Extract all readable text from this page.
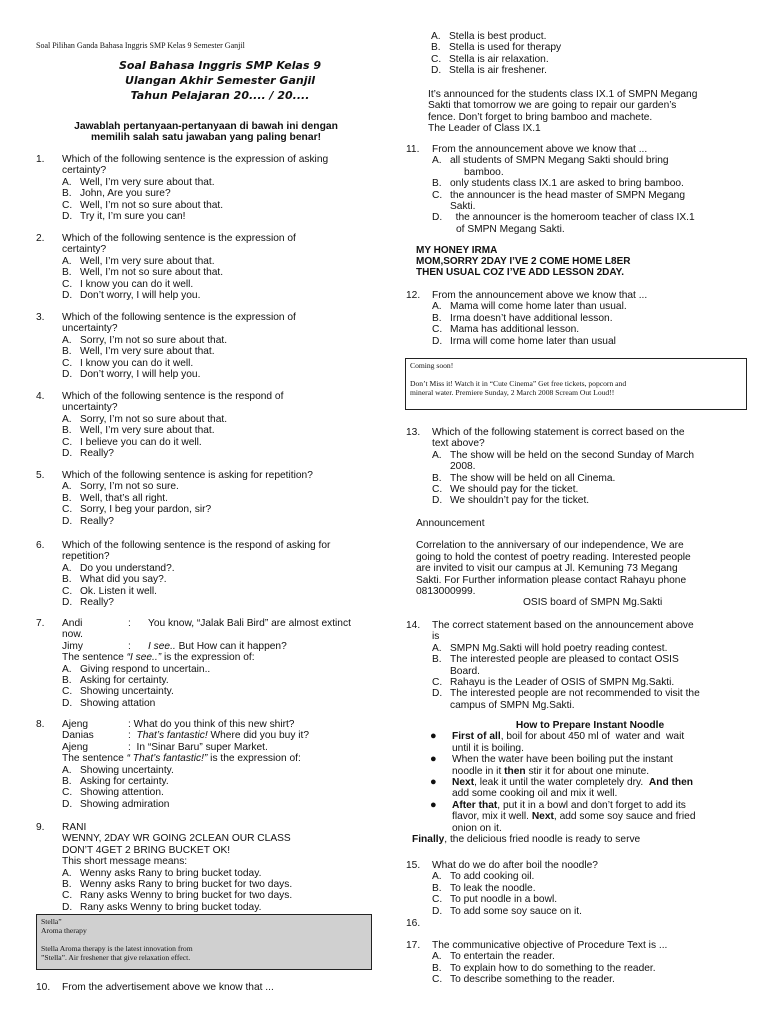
Soal Pilihan Ganda Bahasa Inggris SMP Kelas 9 Semester Ganjil
Soal Bahasa Inggris SMP Kelas 9
Ulangan Akhir Semester Ganjil
Tahun Pelajaran 20.... / 20....
Jawablah pertanyaan-pertanyaan di bawah ini dengan
memilih salah satu jawaban yang paling benar!
1. Which of the following sentence is the expression of asking
certainty?
A. Well, I’m very sure about that.
B. John, Are you sure?
C. Well, I’m not so sure about that.
D. Try it, I’m sure you can!
2. Which of the following sentence is the expression of
certainty?
A. Well, I’m very sure about that.
B. Well, I’m not so sure about that.
C. I know you can do it well.
D. Don’t worry, I will help you.
3. Which of the following sentence is the expression of
uncertainty?
A. Sorry, I’m not so sure about that.
B. Well, I’m very sure about that.
C. I know you can do it well.
D. Don’t worry, I will help you.
4. Which of the following sentence is the respond of
uncertainty?
A. Sorry, I’m not so sure about that.
B. Well, I’m very sure about that.
C. I believe you can do it well.
D. Really?
5. Which of the following sentence is asking for repetition?
A. Sorry, I’m not so sure.
B. Well, that’s all right.
C. Sorry, I beg your pardon, sir?
D. Really?
6. Which of the following sentence is the respond of asking for
repetition?
A. Do you understand?.
B. What did you say?.
C. Ok. Listen it well.
D. Really?
7. Andi	:	You know, “Jalak Bali Bird” are almost extinct
now.
Jimy	:	I see.. But How can it happen?
The sentence “I see..” is the expression of:
A. Giving respond to uncertain..
B. Asking for certainty.
C. Showing uncertainty.
D. Showing attation
8. Ajeng	: What do you think of this new shirt?
Danias	: That’s fantastic! Where did you buy it?
Ajeng	:  In “Sinar Baru” super Market.
The sentence “ That’s fantastic!” is the expression of:
A. Showing uncertainty.
B. Asking for certainty.
C. Showing attention.
D. Showing admiration
9. RANI
WENNY, 2DAY WR GOING 2CLEAN OUR CLASS
DON’T 4GET 2 BRING BUCKET OK!
This short message means:
A. Wenny asks Rany to bring bucket today.
B. Wenny asks Rany to bring bucket for two days.
C. Rany asks Wenny to bring bucket for two days.
D. Rany asks Wenny to bring bucket today.
Stella”
Aroma therapy
Stella Aroma therapy is the latest innovation from
”Stella”. Air freshener that give relaxation effect.
10. From the advertisement above we know that ...
A. Stella is best product.
B. Stella is used for therapy
C. Stella is air relaxation.
D. Stella is air freshener.
It’s announced for the students class IX.1 of SMPN Megang
Sakti that tomorrow we are going to repair our garden’s
fence. Don’t forget to bring bamboo and machete.
The Leader of Class IX.1
11. From the announcement above we know that ...
A. all students of SMPN Megang Sakti should bring
bamboo.
B. only students class IX.1 are asked to bring bamboo.
C. the announcer is the head master of SMPN Megang
Sakti.
D. the announcer is the homeroom teacher of class IX.1
of SMPN Megang Sakti.
MY HONEY IRMA
MOM,SORRY 2DAY I’VE 2 COME HOME L8ER
THEN USUAL COZ I’VE ADD LESSON 2DAY.
12. From the announcement above we know that ...
A. Mama will come home later than usual.
B. Irma doesn’t have additional lesson.
C. Mama has additional lesson.
D. Irma will come home later than usual
Coming soon!
Don’t Miss it! Watch it in “Cute Cinema” Get free tickets, popcorn and
mineral water. Premiere Sunday, 2 March 2008 Scream Out Loud!!
13. Which of the following statement is correct based on the
text above?
A. The show will be held on the second Sunday of March
2008.
B. The show will be held on all Cinema.
C. We should pay for the ticket.
D. We shouldn’t pay for the ticket.
Announcement
Correlation to the anniversary of our independence, We are
going to hold the contest of poetry reading. Interested people
are invited to visit our campus at Jl. Kemuning 73 Megang
Sakti. For Further information please contact Rahayu phone
0813000999.
OSIS board of SMPN Mg.Sakti
14. The correct statement based on the announcement above
is
A. SMPN Mg.Sakti will hold poetry reading contest.
B. The interested people are pleased to contact OSIS
Board.
C. Rahayu is the Leader of OSIS of SMPN Mg.Sakti.
D. The interested people are not recommended to visit the
campus of SMPN Mg.Sakti.
How to Prepare Instant Noodle
●	First of all, boil for about 450 ml of  water and  wait
until it is boiling.
●	When the water have been boiling put the instant
noodle in it then stir it for about one minute.
●	Next, leak it until the water completely dry.  And then
add some cooking oil and mix it well.
●	After that, put it in a bowl and don’t forget to add its
flavor, mix it well. Next, add some soy sauce and fried
onion on it.
Finally, the delicious fried noodle is ready to serve
15. What do we do after boil the noodle?
A. To add cooking oil.
B. To leak the noodle.
C. To put noodle in a bowl.
D. To add some soy sauce on it.
16.
17. The communicative objective of Procedure Text is ...
A. To entertain the reader.
B. To explain how to do something to the reader.
C. To describe something to the reader.
